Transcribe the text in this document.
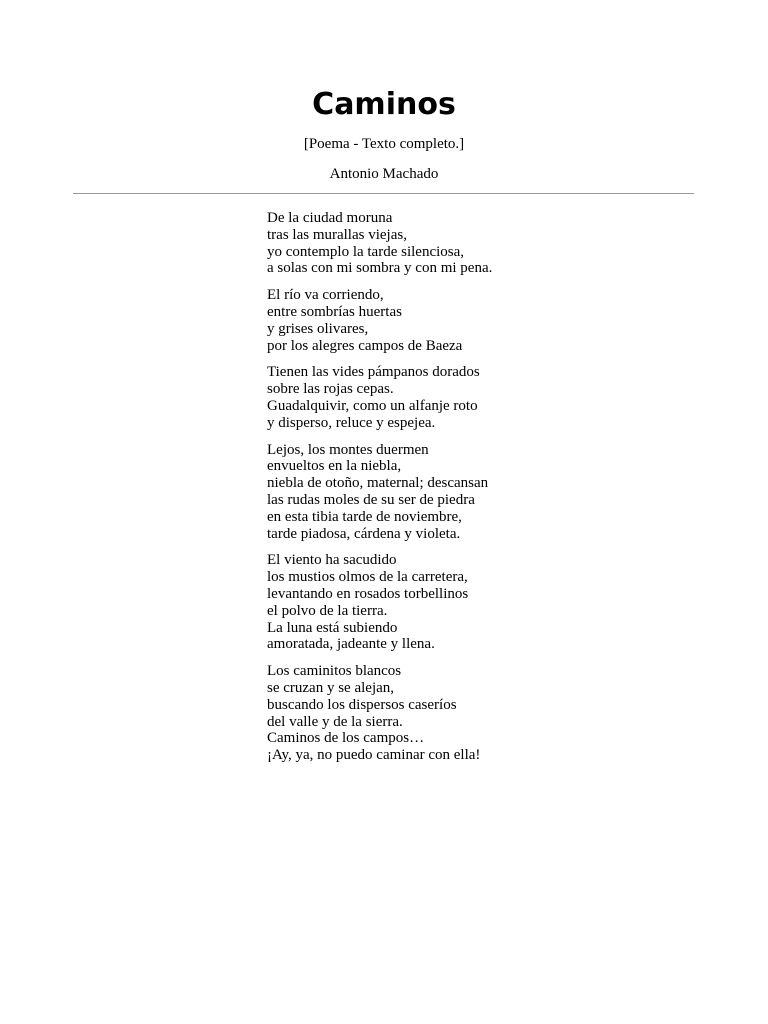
Caminos

[Poema - Texto completo.]

Antonio Machado

De la ciudad moruna
tras las murallas viejas,
yo contemplo la tarde silenciosa,
a solas con mi sombra y con mi pena.

El río va corriendo,
entre sombrías huertas
y grises olivares,
por los alegres campos de Baeza

Tienen las vides pámpanos dorados
sobre las rojas cepas.
Guadalquivir, como un alfanje roto
y disperso, reluce y espejea.

Lejos, los montes duermen
envueltos en la niebla,
niebla de otoño, maternal; descansan
las rudas moles de su ser de piedra
en esta tibia tarde de noviembre,
tarde piadosa, cárdena y violeta.

El viento ha sacudido
los mustios olmos de la carretera,
levantando en rosados torbellinos
el polvo de la tierra.
La luna está subiendo
amoratada, jadeante y llena.

Los caminitos blancos
se cruzan y se alejan,
buscando los dispersos caseríos
del valle y de la sierra.
Caminos de los campos…
¡Ay, ya, no puedo caminar con ella!
